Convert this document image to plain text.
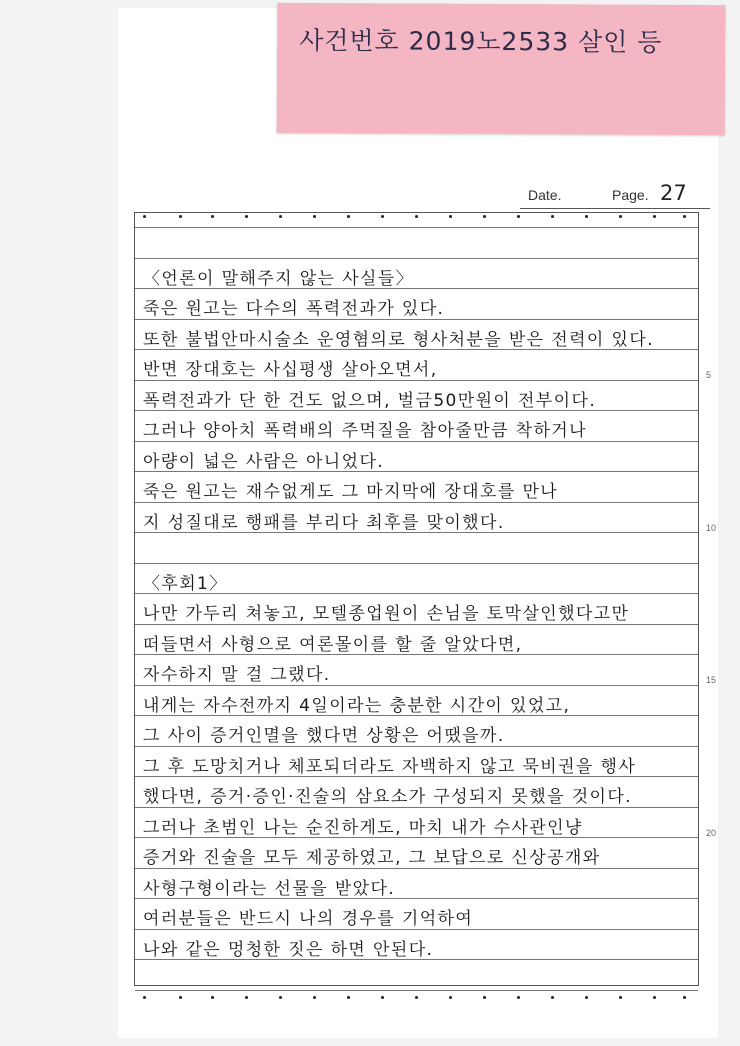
사건번호 2019노2533 살인 등
Date.	Page. 27
〈언론이 말해주지 않는 사실들〉
죽은 원고는 다수의 폭력전과가 있다.
또한 불법안마시술소 운영혐의로 형사처분을 받은 전력이 있다.
반면 장대호는 사십평생 살아오면서,
폭력전과가 단 한 건도 없으며, 벌금50만원이 전부이다.
그러나 양아치 폭력배의 주먹질을 참아줄만큼 착하거나
아량이 넓은 사람은 아니었다.
죽은 원고는 재수없게도 그 마지막에 장대호를 만나
지 성질대로 행패를 부리다 최후를 맞이했다.
〈후회1〉
나만 가두리 쳐놓고, 모텔종업원이 손님을 토막살인했다고만
떠들면서 사형으로 여론몰이를 할 줄 알았다면,
자수하지 말 걸 그랬다.
내게는 자수전까지 4일이라는 충분한 시간이 있었고,
그 사이 증거인멸을 했다면 상황은 어땠을까.
그 후 도망치거나 체포되더라도 자백하지 않고 묵비권을 행사
했다면, 증거·증인·진술의 삼요소가 구성되지 못했을 것이다.
그러나 초범인 나는 순진하게도, 마치 내가 수사관인냥
증거와 진술을 모두 제공하였고, 그 보답으로 신상공개와
사형구형이라는 선물을 받았다.
여러분들은 반드시 나의 경우를 기억하여
나와 같은 멍청한 짓은 하면 안된다.
5
10
15
20
